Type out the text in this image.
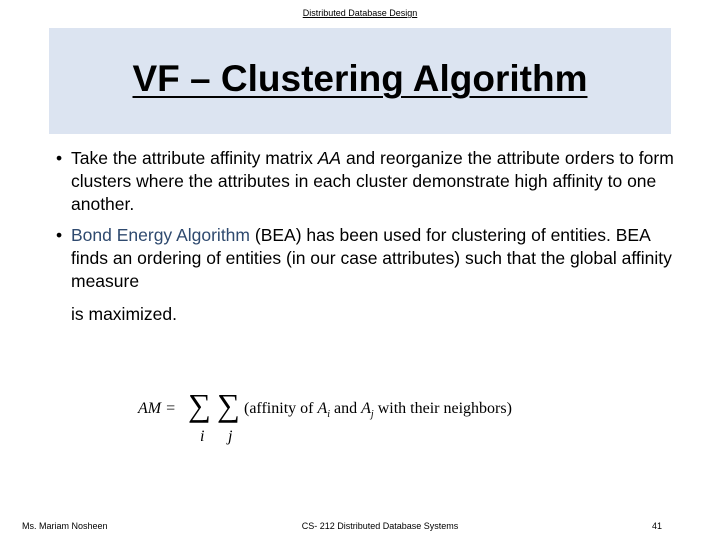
Distributed Database Design
VF – Clustering Algorithm
• Take the attribute affinity matrix AA and reorganize the attribute orders to form clusters where the attributes in each cluster demonstrate high affinity to one another.
• Bond Energy Algorithm (BEA) has been used for clustering of entities. BEA finds an ordering of entities (in our case attributes) such that the global affinity measure
is maximized.
AM = ∑ ∑
i j
(affinity of $A_i$ and $A_j$ with their neighbors)
Ms. Mariam Nosheen	CS- 212 Distributed Database Systems	41
